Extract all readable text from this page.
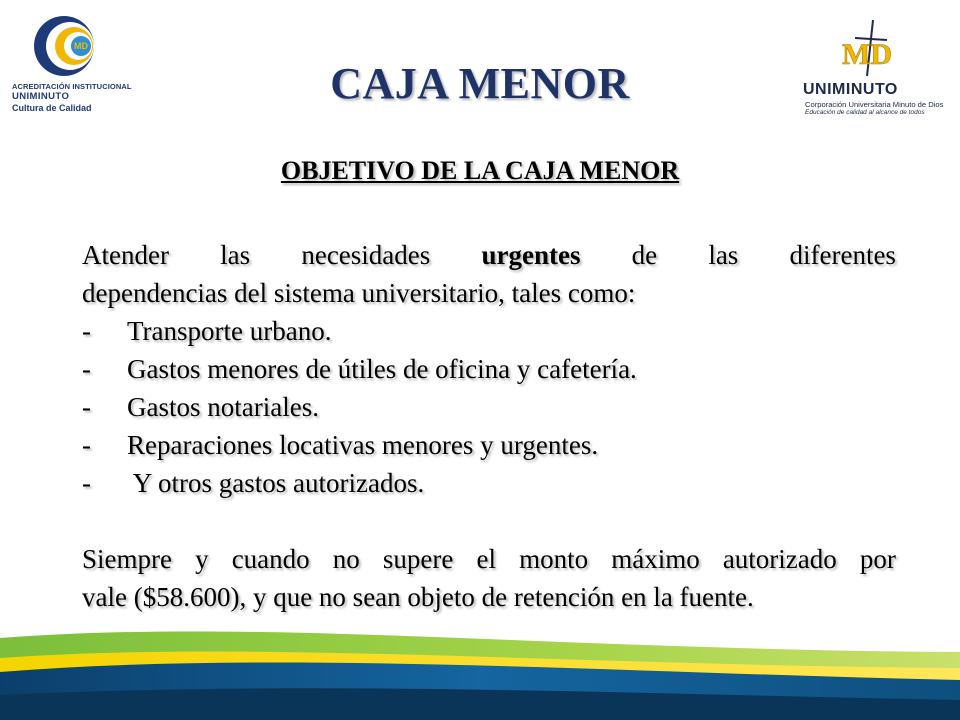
MD
ACREDITACIÓN INSTITUCIONAL
UNIMINUTO
Cultura de Calidad
MD
UNIMINUTO
Corporación Universitaria Minuto de Dios
Educación de calidad al alcance de todos
CAJA MENOR
OBJETIVO DE LA CAJA MENOR
Atender las necesidades urgentes de las diferentes
dependencias del sistema universitario, tales como:
- Transporte urbano.
- Gastos menores de útiles de oficina y cafetería.
- Gastos notariales.
- Reparaciones locativas menores y urgentes.
- Y otros gastos autorizados.
Siempre y cuando no supere el monto máximo autorizado por
vale ($58.600), y que no sean objeto de retención en la fuente.
